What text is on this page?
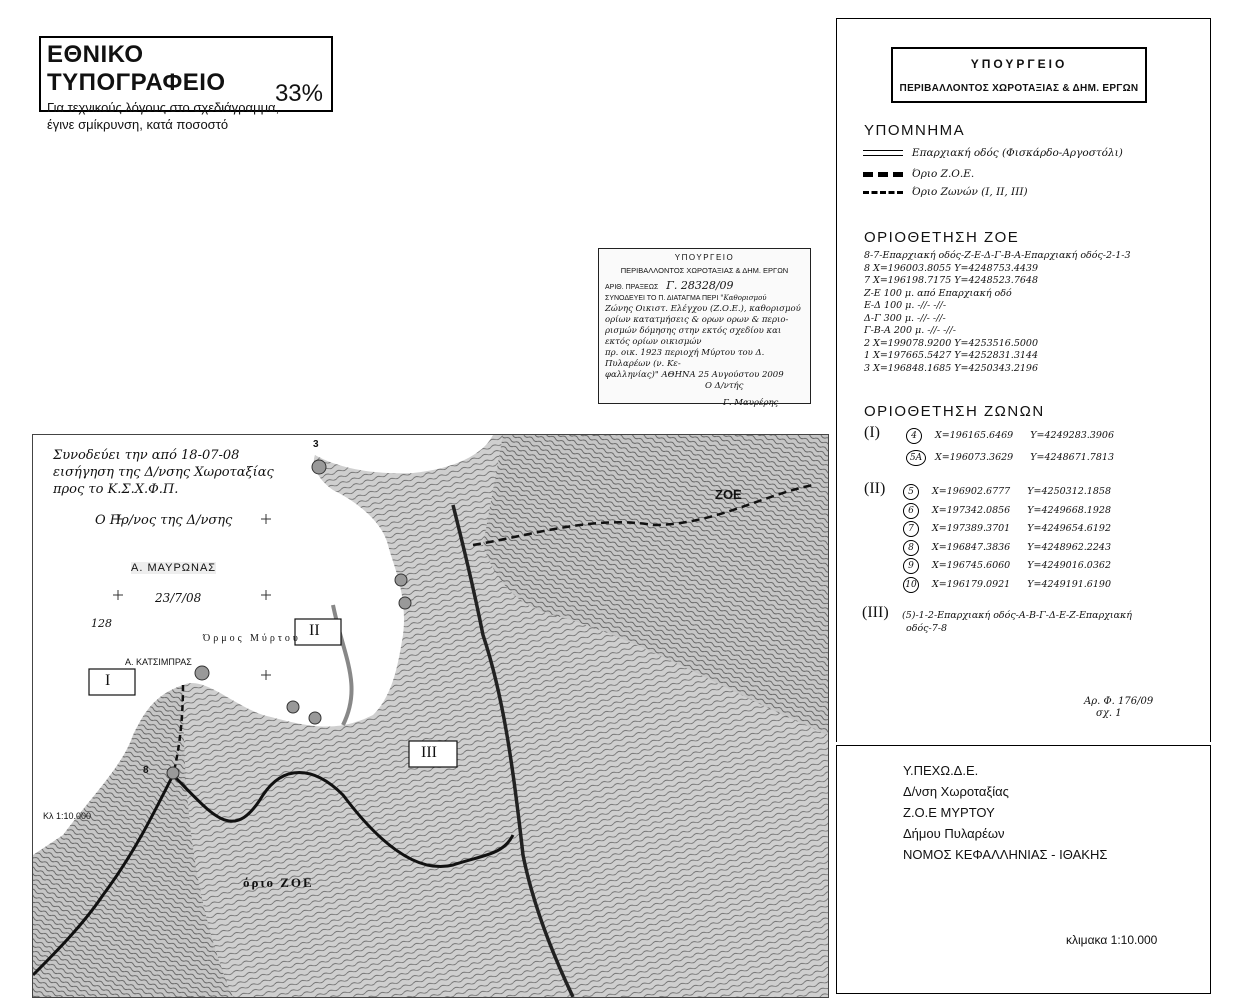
ΕΘΝΙΚΟ ΤΥΠΟΓΡΑΦΕΙΟ
Για τεχνικούς λόγους στο σχεδιάγραμμα,
έγινε σμίκρυνση, κατά ποσοστό
33%
ΥΠΟΥΡΓΕΙΟ
ΠΕΡΙΒΑΛΛΟΝΤΟΣ ΧΩΡΟΤΑΞΙΑΣ & ΔΗΜ. ΕΡΓΩΝ
ΑΡΙΘ. ΠΡΑΞΕΩΣ Γ. 28328/09
ΣΥΝΟΔΕΥΕΙ ΤΟ Π. ΔΙΑΤΑΓΜΑ ΠΕΡΙ "Καθορισμού
Ζώνης Οικιστ. Ελέγχου (Ζ.Ο.Ε.), καθορισμού
ορίων κατατμήσεις & ορων ορων & περιο-
ρισμών δόμησης στην εκτός σχεδίου και εκτός ορίων οικισμών
πρ. οικ. 1923 περιοχή Μύρτου του Δ. Πυλαρέων (ν. Κε-
φαλληνίας)" ΑΘΗΝΑ 25 Αυγούστου 2009
Ο Δ/ντής
Γ. Μαυρέρης
Συνοδεύει την από 18-07-08
εισήγηση της Δ/νσης Χωροταξίας
προς το Κ.Σ.Χ.Φ.Π.
Ο Πρ/νος της Δ/νσης
Α. ΜΑΥΡΩΝΑΣ
23/7/08
128
Όρμος Μύρτου
Α. ΚΑΤΣΙΜΠΡΑΣ
Ι
ΙΙ
ΙΙΙ
όριο ΖΟΕ
ΖΟΕ
Κλ 1:10.000
3
8
ΥΠΟΥΡΓΕΙΟ
ΠΕΡΙΒΑΛΛΟΝΤΟΣ ΧΩΡΟΤΑΞΙΑΣ & ΔΗΜ. ΕΡΓΩΝ
ΥΠΟΜΝΗΜΑ
Επαρχιακή οδός (Φισκάρδο-Αργοστόλι)
Όριο Ζ.Ο.Ε.
Όριο Ζωνών (Ι, ΙΙ, ΙΙΙ)
ΟΡΙΟΘΕΤΗΣΗ ΖΟΕ
8-7-Επαρχιακή οδός-Ζ-Ε-Δ-Γ-Β-Α-Επαρχιακή οδός-2-1-3
8 X=196003.8055 Y=4248753.4439
7 X=196198.7175 Y=4248523.7648
Ζ-Ε 100 μ. από Επαρχιακή οδό
Ε-Δ 100 μ. -//- -//-
Δ-Γ 300 μ. -//- -//-
Γ-Β-Α 200 μ. -//- -//-
2 X=199078.9200 Y=4253516.5000
1 X=197665.5427 Y=4252831.3144
3 X=196848.1685 Y=4250343.2196
ΟΡΙΟΘΕΤΗΣΗ ΖΩΝΩΝ
(Ι)	4 X=196165.6469 Y=4249283.3906
5A X=196073.3629 Y=4248671.7813
(ΙΙ)	5 X=196902.6777 Y=4250312.1858
6 X=197342.0856 Y=4249668.1928
7 X=197389.3701 Y=4249654.6192
8 X=196847.3836 Y=4248962.2243
9 X=196745.6060 Y=4249016.0362
10 X=196179.0921 Y=4249191.6190
(ΙΙΙ) (5)-1-2-Επαρχιακή οδός-Α-Β-Γ-Δ-Ε-Ζ-Επαρχιακή
οδός-7-8
Αρ. Φ. 176/09
σχ. 1
Υ.ΠΕΧΩ.Δ.Ε.
Δ/νση Χωροταξίας
Ζ.Ο.Ε ΜΥΡΤΟΥ
Δήμου Πυλαρέων
ΝΟΜΟΣ ΚΕΦΑΛΛΗΝΙΑΣ - ΙΘΑΚΗΣ
κλιμακα 1:10.000
